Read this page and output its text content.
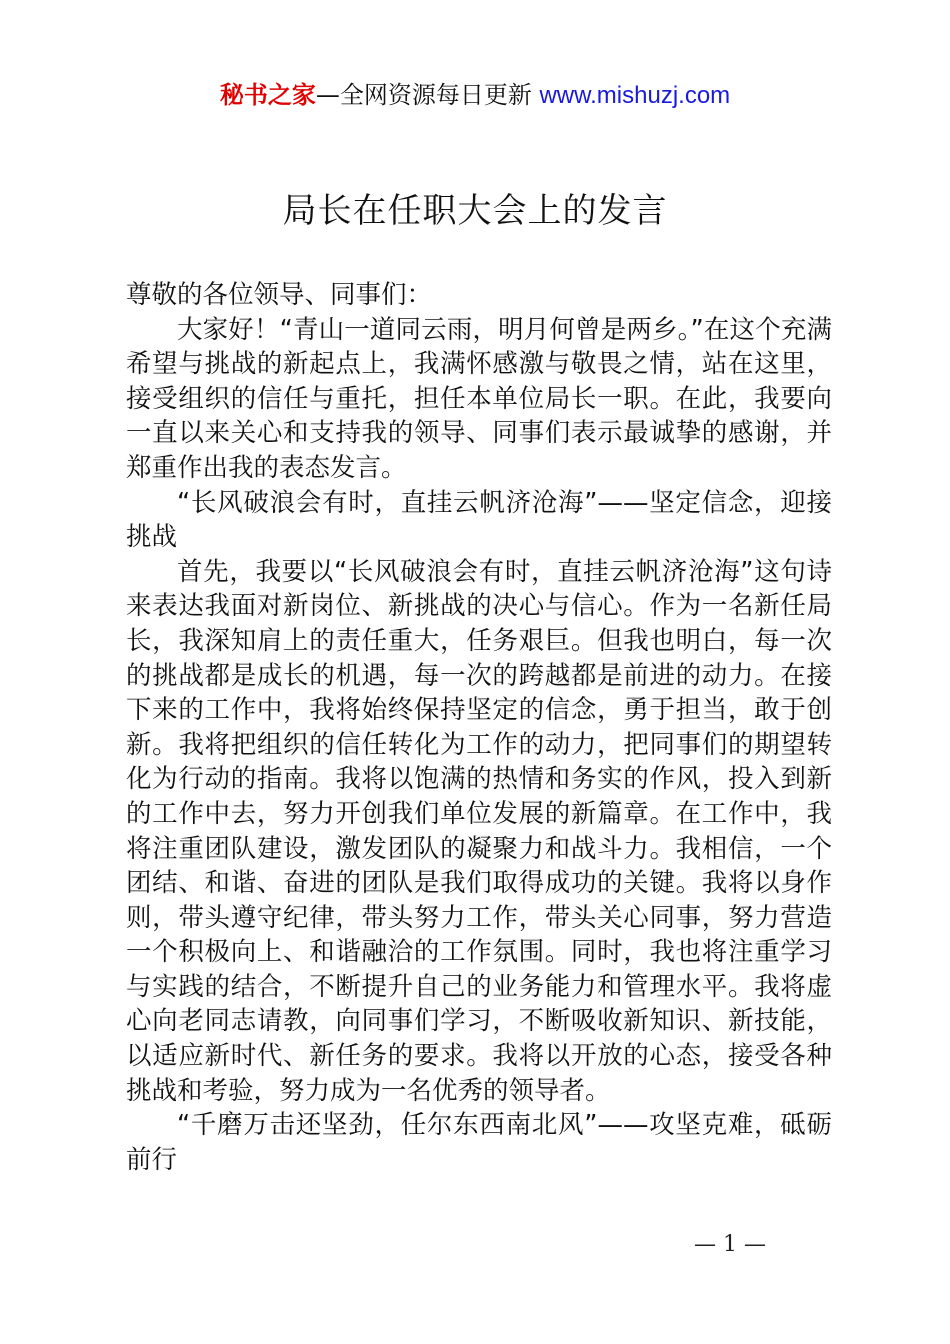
秘书之家—全网资源每日更新 www.mishuzj.com
局长在任职大会上的发言

尊敬的各位领导、同事们：

大家好！“青山一道同云雨，明月何曾是两乡。”在这个充满希望与挑战的新起点上，我满怀感激与敬畏之情，站在这里，接受组织的信任与重托，担任本单位局长一职。在此，我要向一直以来关心和支持我的领导、同事们表示最诚挚的感谢，并郑重作出我的表态发言。

“长风破浪会有时，直挂云帆济沧海”——坚定信念，迎接挑战

首先，我要以“长风破浪会有时，直挂云帆济沧海”这句诗来表达我面对新岗位、新挑战的决心与信心。作为一名新任局长，我深知肩上的责任重大，任务艰巨。但我也明白，每一次的挑战都是成长的机遇，每一次的跨越都是前进的动力。在接下来的工作中，我将始终保持坚定的信念，勇于担当，敢于创新。我将把组织的信任转化为工作的动力，把同事们的期望转化为行动的指南。我将以饱满的热情和务实的作风，投入到新的工作中去，努力开创我们单位发展的新篇章。在工作中，我将注重团队建设，激发团队的凝聚力和战斗力。我相信，一个团结、和谐、奋进的团队是我们取得成功的关键。我将以身作则，带头遵守纪律，带头努力工作，带头关心同事，努力营造一个积极向上、和谐融洽的工作氛围。同时，我也将注重学习与实践的结合，不断提升自己的业务能力和管理水平。我将虚心向老同志请教，向同事们学习，不断吸收新知识、新技能，以适应新时代、新任务的要求。我将以开放的心态，接受各种挑战和考验，努力成为一名优秀的领导者。

“千磨万击还坚劲，任尔东西南北风”——攻坚克难，砥砺前行

— 1 —
